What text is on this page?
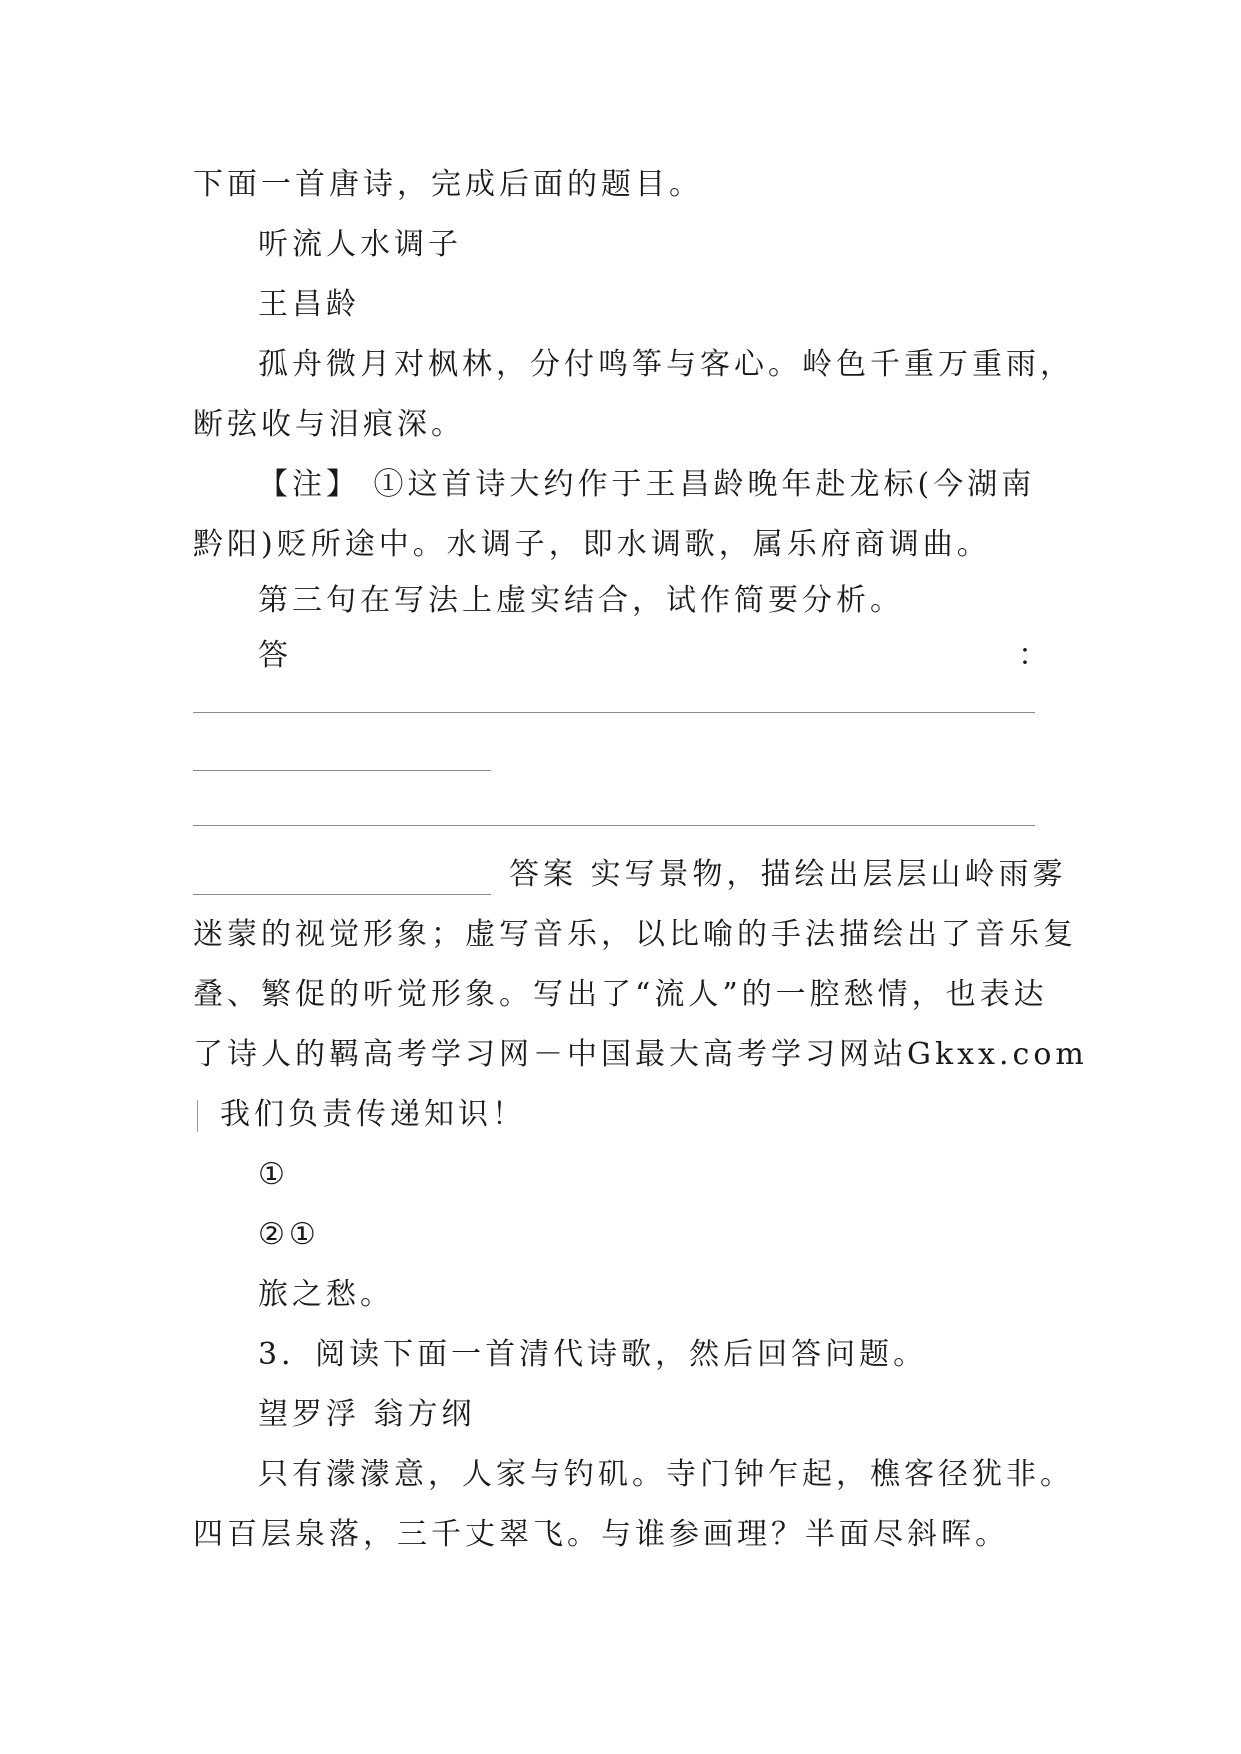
下面一首唐诗，完成后面的题目。
听流人水调子
王昌龄
孤舟微月对枫林，分付鸣筝与客心。岭色千重万重雨，
断弦收与泪痕深。
【注】 ①这首诗大约作于王昌龄晚年赴龙标(今湖南
黔阳)贬所途中。水调子，即水调歌，属乐府商调曲。
第三句在写法上虚实结合，试作简要分析。
答	：
答案 实写景物，描绘出层层山岭雨雾
迷蒙的视觉形象；虚写音乐，以比喻的手法描绘出了音乐复
叠、繁促的听觉形象。写出了“流人”的一腔愁情，也表达
了诗人的羁高考学习网－中国最大高考学习网站Gkxx.com
我们负责传递知识！
①
②①
旅之愁。
3．阅读下面一首清代诗歌，然后回答问题。
望罗浮 翁方纲
只有濛濛意，人家与钓矶。寺门钟乍起，樵客径犹非。
四百层泉落，三千丈翠飞。与谁参画理？半面尽斜晖。
